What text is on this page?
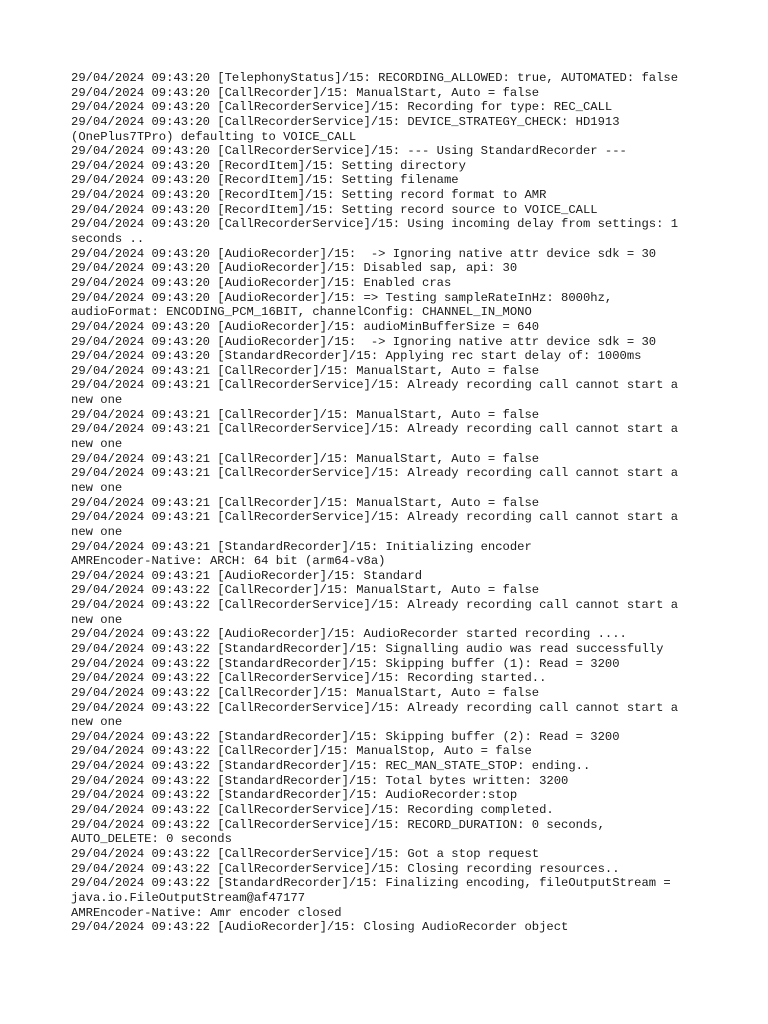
29/04/2024 09:43:20 [TelephonyStatus]/15: RECORDING_ALLOWED: true, AUTOMATED: false
29/04/2024 09:43:20 [CallRecorder]/15: ManualStart, Auto = false
29/04/2024 09:43:20 [CallRecorderService]/15: Recording for type: REC_CALL
29/04/2024 09:43:20 [CallRecorderService]/15: DEVICE_STRATEGY_CHECK: HD1913
(OnePlus7TPro) defaulting to VOICE_CALL
29/04/2024 09:43:20 [CallRecorderService]/15: --- Using StandardRecorder ---
29/04/2024 09:43:20 [RecordItem]/15: Setting directory
29/04/2024 09:43:20 [RecordItem]/15: Setting filename
29/04/2024 09:43:20 [RecordItem]/15: Setting record format to AMR
29/04/2024 09:43:20 [RecordItem]/15: Setting record source to VOICE_CALL
29/04/2024 09:43:20 [CallRecorderService]/15: Using incoming delay from settings: 1
seconds ..
29/04/2024 09:43:20 [AudioRecorder]/15:  -> Ignoring native attr device sdk = 30
29/04/2024 09:43:20 [AudioRecorder]/15: Disabled sap, api: 30
29/04/2024 09:43:20 [AudioRecorder]/15: Enabled cras
29/04/2024 09:43:20 [AudioRecorder]/15: => Testing sampleRateInHz: 8000hz,
audioFormat: ENCODING_PCM_16BIT, channelConfig: CHANNEL_IN_MONO
29/04/2024 09:43:20 [AudioRecorder]/15: audioMinBufferSize = 640
29/04/2024 09:43:20 [AudioRecorder]/15:  -> Ignoring native attr device sdk = 30
29/04/2024 09:43:20 [StandardRecorder]/15: Applying rec start delay of: 1000ms
29/04/2024 09:43:21 [CallRecorder]/15: ManualStart, Auto = false
29/04/2024 09:43:21 [CallRecorderService]/15: Already recording call cannot start a
new one
29/04/2024 09:43:21 [CallRecorder]/15: ManualStart, Auto = false
29/04/2024 09:43:21 [CallRecorderService]/15: Already recording call cannot start a
new one
29/04/2024 09:43:21 [CallRecorder]/15: ManualStart, Auto = false
29/04/2024 09:43:21 [CallRecorderService]/15: Already recording call cannot start a
new one
29/04/2024 09:43:21 [CallRecorder]/15: ManualStart, Auto = false
29/04/2024 09:43:21 [CallRecorderService]/15: Already recording call cannot start a
new one
29/04/2024 09:43:21 [StandardRecorder]/15: Initializing encoder
AMREncoder-Native: ARCH: 64 bit (arm64-v8a)
29/04/2024 09:43:21 [AudioRecorder]/15: Standard
29/04/2024 09:43:22 [CallRecorder]/15: ManualStart, Auto = false
29/04/2024 09:43:22 [CallRecorderService]/15: Already recording call cannot start a
new one
29/04/2024 09:43:22 [AudioRecorder]/15: AudioRecorder started recording ....
29/04/2024 09:43:22 [StandardRecorder]/15: Signalling audio was read successfully
29/04/2024 09:43:22 [StandardRecorder]/15: Skipping buffer (1): Read = 3200
29/04/2024 09:43:22 [CallRecorderService]/15: Recording started..
29/04/2024 09:43:22 [CallRecorder]/15: ManualStart, Auto = false
29/04/2024 09:43:22 [CallRecorderService]/15: Already recording call cannot start a
new one
29/04/2024 09:43:22 [StandardRecorder]/15: Skipping buffer (2): Read = 3200
29/04/2024 09:43:22 [CallRecorder]/15: ManualStop, Auto = false
29/04/2024 09:43:22 [StandardRecorder]/15: REC_MAN_STATE_STOP: ending..
29/04/2024 09:43:22 [StandardRecorder]/15: Total bytes written: 3200
29/04/2024 09:43:22 [StandardRecorder]/15: AudioRecorder:stop
29/04/2024 09:43:22 [CallRecorderService]/15: Recording completed.
29/04/2024 09:43:22 [CallRecorderService]/15: RECORD_DURATION: 0 seconds,
AUTO_DELETE: 0 seconds
29/04/2024 09:43:22 [CallRecorderService]/15: Got a stop request
29/04/2024 09:43:22 [CallRecorderService]/15: Closing recording resources..
29/04/2024 09:43:22 [StandardRecorder]/15: Finalizing encoding, fileOutputStream =
java.io.FileOutputStream@af47177
AMREncoder-Native: Amr encoder closed
29/04/2024 09:43:22 [AudioRecorder]/15: Closing AudioRecorder object
